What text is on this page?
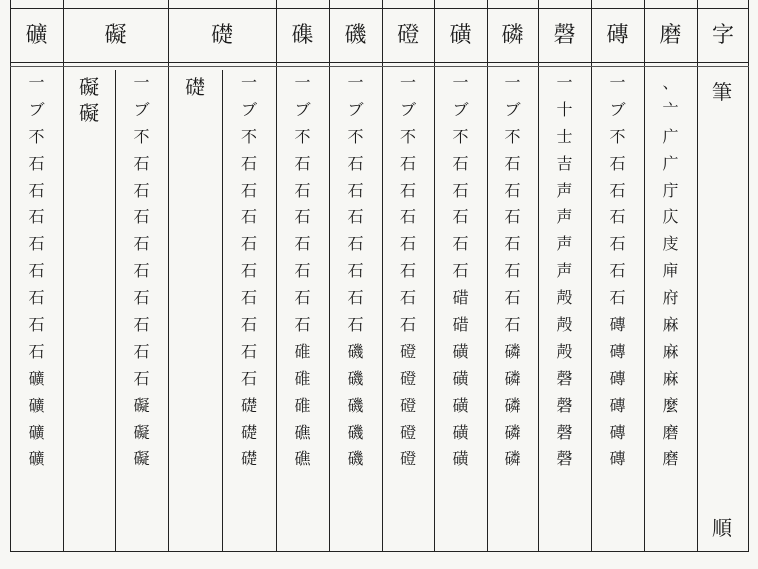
字
磨
磚
磬
磷
磺
磴
磯
磼
礎
礙
礦
筆
順
、
亠
广
广
庁
庂
庋
庘
府
麻
麻
麻
麼
磨
磨
一
ブ
不
石
石
石
石
石
石
磚
磚
磚
磚
磚
磚
一
十
士
吉
声
声
声
声
殸
殸
殸
磬
磬
磬
磬
一
ブ
不
石
石
石
石
石
石
石
磷
磷
磷
磷
磷
一
ブ
不
石
石
石
石
石
碏
碏
磺
磺
磺
磺
磺
一
ブ
不
石
石
石
石
石
石
石
磴
磴
磴
磴
磴
一
ブ
不
石
石
石
石
石
石
石
磯
磯
磯
磯
磯
一
ブ
不
石
石
石
石
石
石
石
碓
碓
碓
礁
礁
一
ブ
不
石
石
石
石
石
石
石
石
石
礎
礎
礎
一
ブ
不
石
石
石
石
石
石
石
石
石
礙
礙
礙
一
ブ
不
石
石
石
石
石
石
石
石
礦
礦
礦
礦
礎
礙
礙
